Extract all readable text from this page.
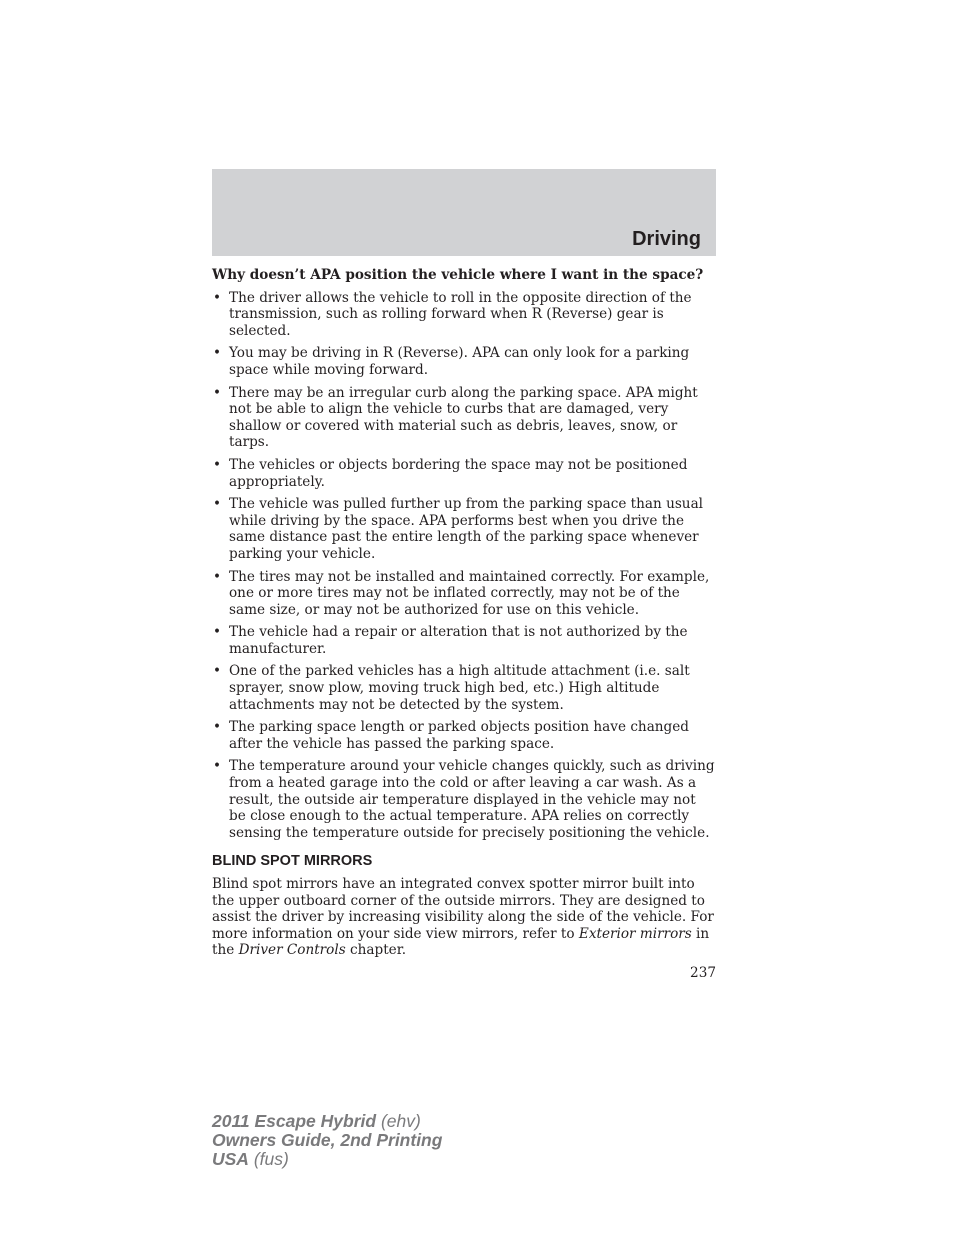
Driving
Why doesn’t APA position the vehicle where I want in the space?
• The driver allows the vehicle to roll in the opposite direction of the transmission, such as rolling forward when R (Reverse) gear is selected.
• You may be driving in R (Reverse). APA can only look for a parking space while moving forward.
• There may be an irregular curb along the parking space. APA might not be able to align the vehicle to curbs that are damaged, very shallow or covered with material such as debris, leaves, snow, or tarps.
• The vehicles or objects bordering the space may not be positioned appropriately.
• The vehicle was pulled further up from the parking space than usual while driving by the space. APA performs best when you drive the same distance past the entire length of the parking space whenever parking your vehicle.
• The tires may not be installed and maintained correctly. For example, one or more tires may not be inflated correctly, may not be of the same size, or may not be authorized for use on this vehicle.
• The vehicle had a repair or alteration that is not authorized by the manufacturer.
• One of the parked vehicles has a high altitude attachment (i.e. salt sprayer, snow plow, moving truck high bed, etc.) High altitude attachments may not be detected by the system.
• The parking space length or parked objects position have changed after the vehicle has passed the parking space.
• The temperature around your vehicle changes quickly, such as driving from a heated garage into the cold or after leaving a car wash. As a result, the outside air temperature displayed in the vehicle may not be close enough to the actual temperature. APA relies on correctly sensing the temperature outside for precisely positioning the vehicle.
BLIND SPOT MIRRORS

Blind spot mirrors have an integrated convex spotter mirror built into the upper outboard corner of the outside mirrors. They are designed to assist the driver by increasing visibility along the side of the vehicle. For more information on your side view mirrors, refer to Exterior mirrors in the Driver Controls chapter.

237
2011 Escape Hybrid (ehv)
Owners Guide, 2nd Printing
USA (fus)
